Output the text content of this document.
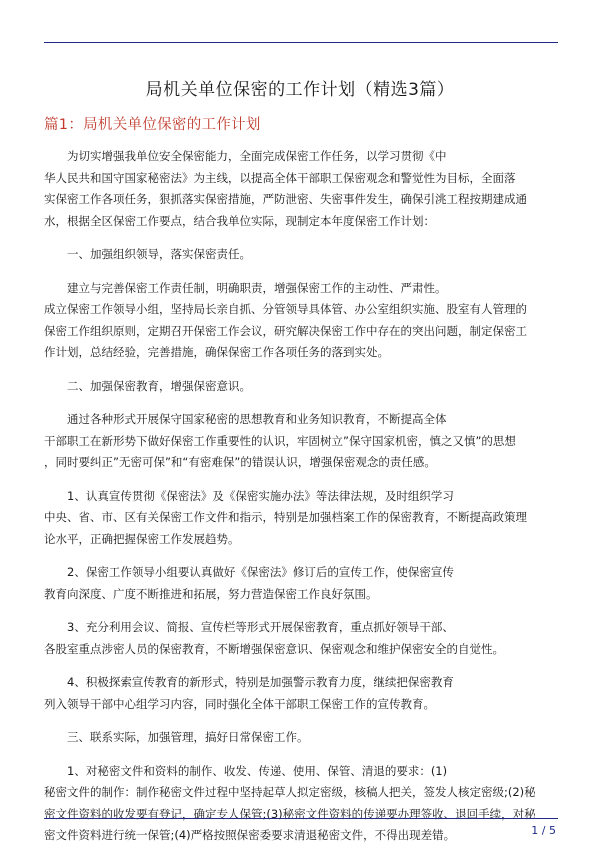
局机关单位保密的工作计划（精选3篇）
篇1：局机关单位保密的工作计划
为切实增强我单位安全保密能力，全面完成保密工作任务，以学习贯彻《中
华人民共和国守国家秘密法》为主线，以提高全体干部职工保密观念和警觉性为目标，全面落
实保密工作各项任务，狠抓落实保密措施，严防泄密、失密事件发生，确保引洮工程按期建成通
水，根据全区保密工作要点，结合我单位实际，现制定本年度保密工作计划：
一、加强组织领导，落实保密责任。
建立与完善保密工作责任制，明确职责，增强保密工作的主动性、严肃性。
成立保密工作领导小组，坚持局长亲自抓、分管领导具体管、办公室组织实施、股室有人管理的
保密工作组织原则，定期召开保密工作会议，研究解决保密工作中存在的突出问题，制定保密工
作计划，总结经验，完善措施，确保保密工作各项任务的落到实处。
二、加强保密教育，增强保密意识。
通过各种形式开展保守国家秘密的思想教育和业务知识教育，不断提高全体
干部职工在新形势下做好保密工作重要性的认识，牢固树立”保守国家机密，慎之又慎”的思想
，同时要纠正”无密可保”和“有密难保”的错误认识，增强保密观念的责任感。
1、认真宣传贯彻《保密法》及《保密实施办法》等法律法规，及时组织学习
中央、省、市、区有关保密工作文件和指示，特别是加强档案工作的保密教育，不断提高政策理
论水平，正确把握保密工作发展趋势。
2、保密工作领导小组要认真做好《保密法》修订后的宣传工作，使保密宣传
教育向深度、广度不断推进和拓展，努力营造保密工作良好氛围。
3、充分利用会议、简报、宣传栏等形式开展保密教育，重点抓好领导干部、
各股室重点涉密人员的保密教育，不断增强保密意识、保密观念和维护保密安全的自觉性。
4、积极探索宣传教育的新形式，特别是加强警示教育力度，继续把保密教育
列入领导干部中心组学习内容，同时强化全体干部职工保密工作的宣传教育。
三、联系实际，加强管理，搞好日常保密工作。
1、对秘密文件和资料的制作、收发、传递、使用、保管、清退的要求：(1)
秘密文件的制作：制作秘密文件过程中坚持起草人拟定密级，核稿人把关，签发人核定密级;(2)秘
密文件资料的收发要有登记，确定专人保管;(3)秘密文件资料的传递要办理签收、退回手续，对秘
密文件资料进行统一保管;(4)严格按照保密委要求清退秘密文件，不得出现差错。	1 / 5
